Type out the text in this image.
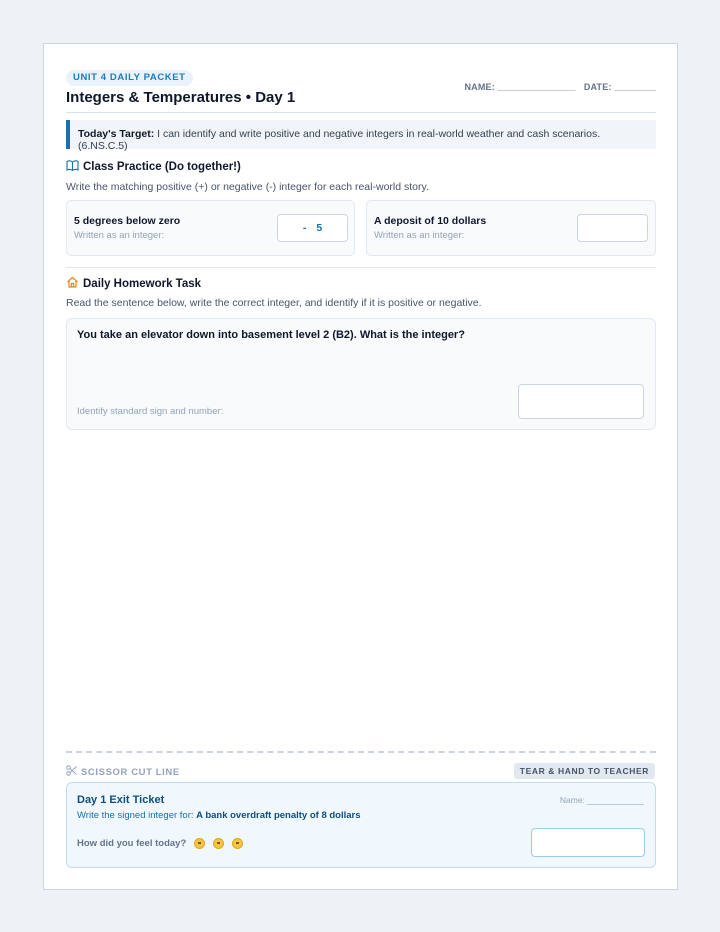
UNIT 4 DAILY PACKET
Integers & Temperatures • Day 1
NAME: _______________   DATE: ________
Today's Target: I can identify and write positive and negative integers in real-world weather and cash scenarios. (6.NS.C.5)
Class Practice (Do together!)
Write the matching positive (+) or negative (-) integer for each real-world story.
5 degrees below zero
Written as an integer:
- 5
A deposit of 10 dollars
Written as an integer:
Daily Homework Task
Read the sentence below, write the correct integer, and identify if it is positive or negative.
You take an elevator down into basement level 2 (B2). What is the integer?
Identify standard sign and number:
SCISSOR CUT LINE	TEAR & HAND TO TEACHER
Day 1 Exit Ticket
Write the signed integer for: A bank overdraft penalty of 8 dollars
Name: ____________
How did you feel today?
